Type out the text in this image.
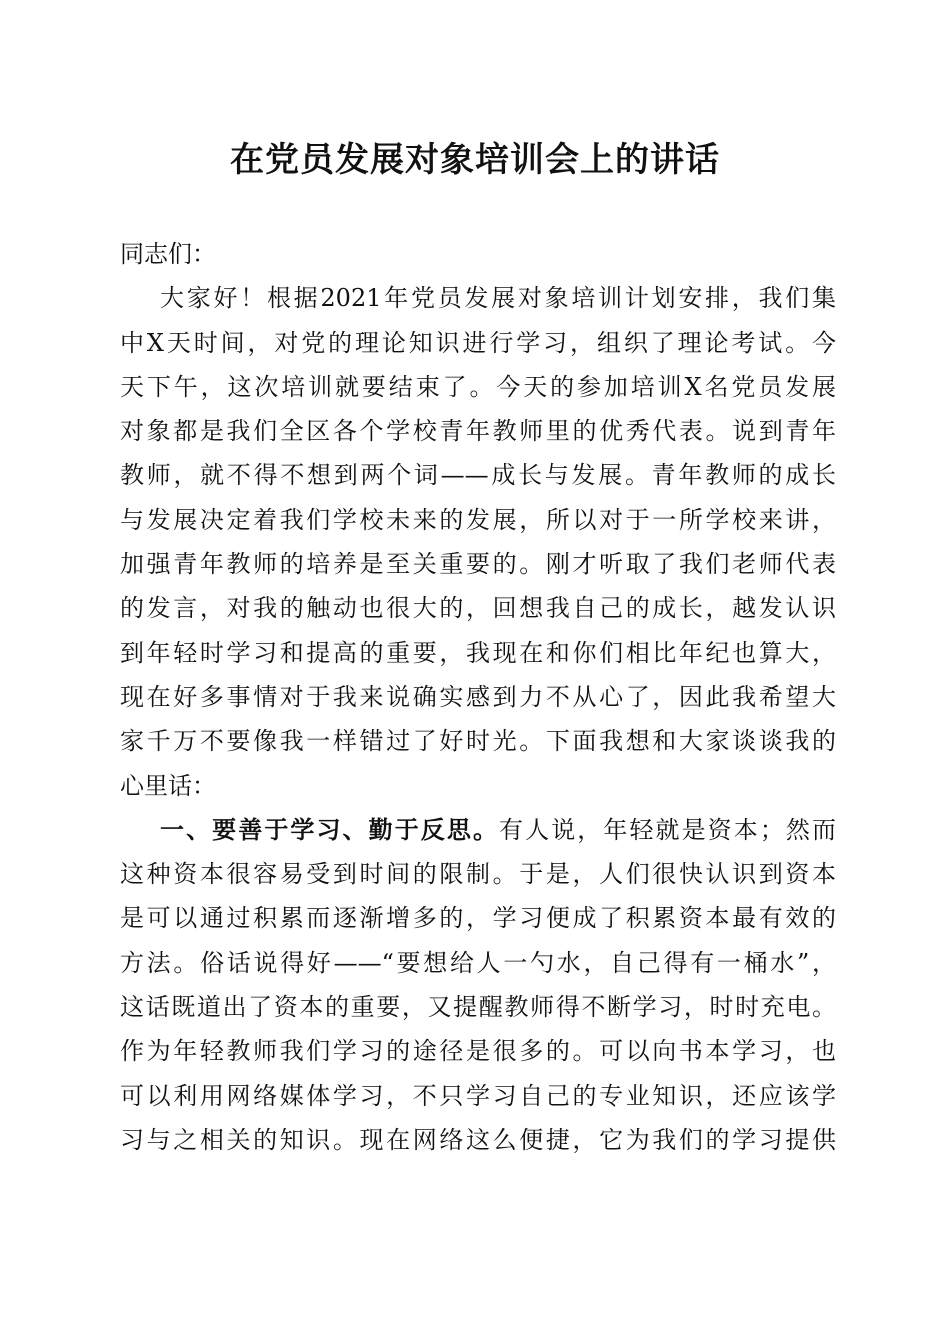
在党员发展对象培训会上的讲话
同志们：
大家好！根据2021年党员发展对象培训计划安排，我们集
中X天时间，对党的理论知识进行学习，组织了理论考试。今
天下午，这次培训就要结束了。今天的参加培训X名党员发展
对象都是我们全区各个学校青年教师里的优秀代表。说到青年
教师，就不得不想到两个词——成长与发展。青年教师的成长
与发展决定着我们学校未来的发展，所以对于一所学校来讲，
加强青年教师的培养是至关重要的。刚才听取了我们老师代表
的发言，对我的触动也很大的，回想我自己的成长，越发认识
到年轻时学习和提高的重要，我现在和你们相比年纪也算大，
现在好多事情对于我来说确实感到力不从心了，因此我希望大
家千万不要像我一样错过了好时光。下面我想和大家谈谈我的
心里话：
一、要善于学习、勤于反思。有人说，年轻就是资本；然而
这种资本很容易受到时间的限制。于是，人们很快认识到资本
是可以通过积累而逐渐增多的，学习便成了积累资本最有效的
方法。俗话说得好——“要想给人一勺水，自己得有一桶水”，
这话既道出了资本的重要，又提醒教师得不断学习，时时充电。
作为年轻教师我们学习的途径是很多的。可以向书本学习，也
可以利用网络媒体学习，不只学习自己的专业知识，还应该学
习与之相关的知识。现在网络这么便捷，它为我们的学习提供
